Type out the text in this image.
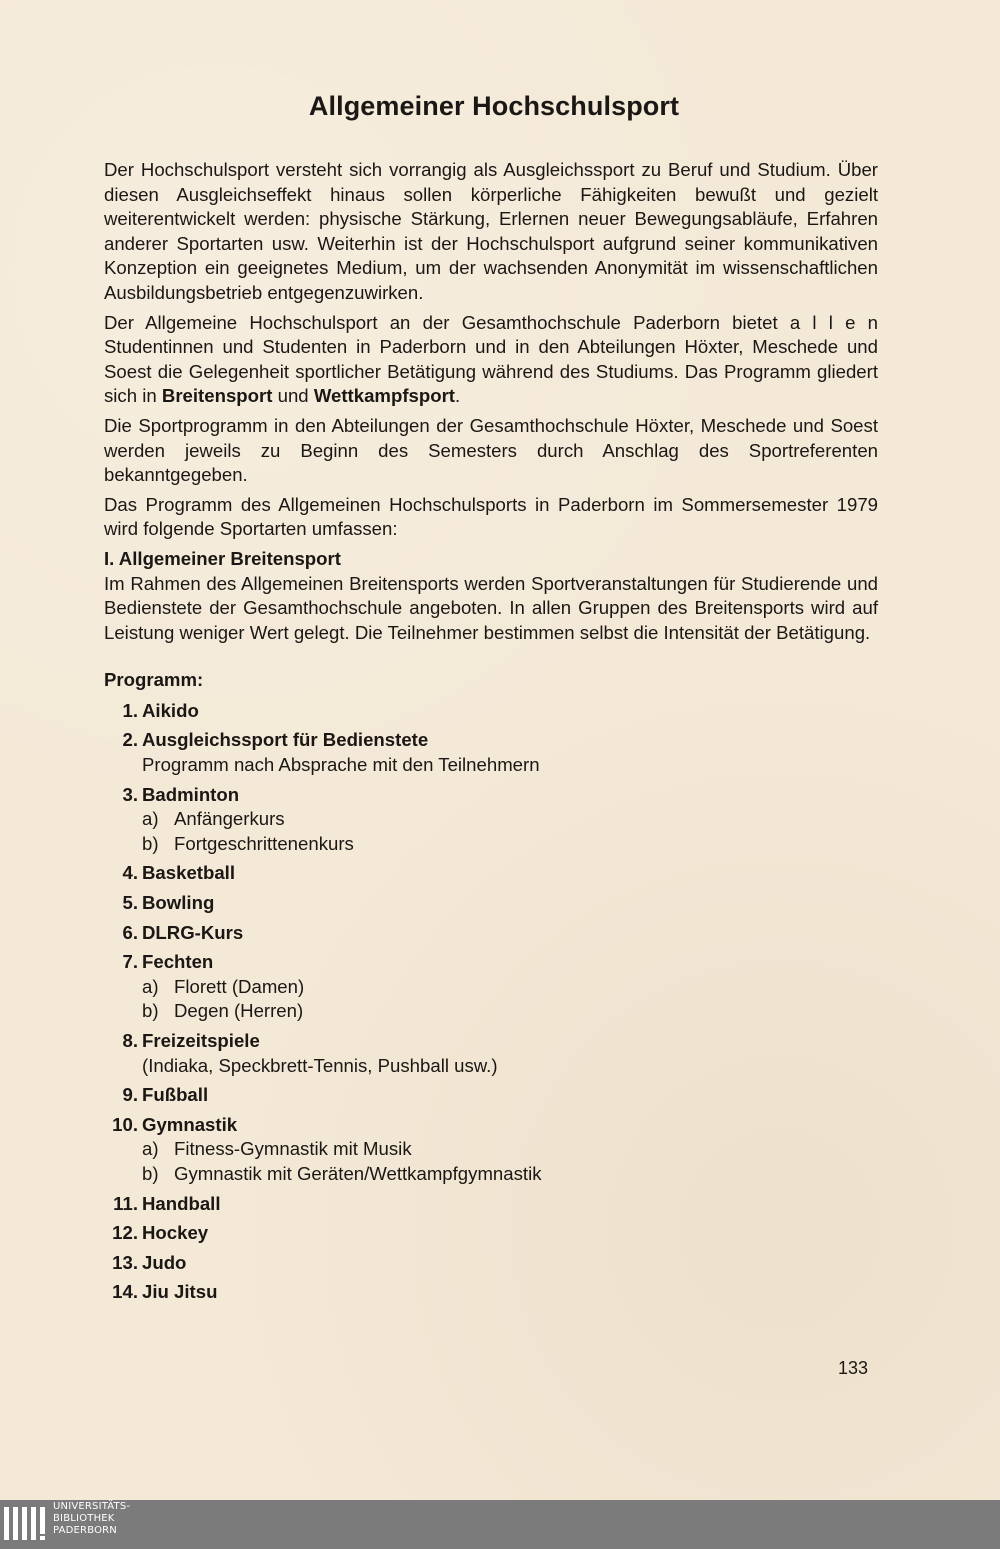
Allgemeiner Hochschulsport

Der Hochschulsport versteht sich vorrangig als Ausgleichssport zu Beruf und Studium. Über diesen Ausgleichseffekt hinaus sollen körperliche Fähigkeiten bewußt und gezielt weiterentwickelt werden: physische Stärkung, Erlernen neuer Bewegungsabläufe, Erfahren anderer Sportarten usw. Weiterhin ist der Hochschulsport aufgrund seiner kommunikativen Konzeption ein geeignetes Medium, um der wachsenden Anonymität im wissenschaftlichen Ausbildungsbetrieb entgegenzuwirken.

Der Allgemeine Hochschulsport an der Gesamthochschule Paderborn bietet a l l e n Studentinnen und Studenten in Paderborn und in den Abteilungen Höxter, Meschede und Soest die Gelegenheit sportlicher Betätigung während des Studiums. Das Programm gliedert sich in Breitensport und Wettkampfsport.

Die Sportprogramm in den Abteilungen der Gesamthochschule Höxter, Meschede und Soest werden jeweils zu Beginn des Semesters durch Anschlag des Sportreferenten bekanntgegeben.

Das Programm des Allgemeinen Hochschulsports in Paderborn im Sommersemester 1979 wird folgende Sportarten umfassen:

I. Allgemeiner Breitensport

Im Rahmen des Allgemeinen Breitensports werden Sportveranstaltungen für Studierende und Bedienstete der Gesamthochschule angeboten. In allen Gruppen des Breitensports wird auf Leistung weniger Wert gelegt. Die Teilnehmer bestimmen selbst die Intensität der Betätigung.

Programm:
1. Aikido
2. Ausgleichssport für Bedienstete
Programm nach Absprache mit den Teilnehmern
3. Badminton
a) Anfängerkurs
b) Fortgeschrittenenkurs
4. Basketball
5. Bowling
6. DLRG-Kurs
7. Fechten
a) Florett (Damen)
b) Degen (Herren)
8. Freizeitspiele
(Indiaka, Speckbrett-Tennis, Pushball usw.)
9. Fußball
10. Gymnastik
a) Fitness-Gymnastik mit Musik
b) Gymnastik mit Geräten/Wettkampfgymnastik
11. Handball
12. Hockey
13. Judo
14. Jiu Jitsu
133
UNIVERSITÄTS-
BIBLIOTHEK
PADERBORN
